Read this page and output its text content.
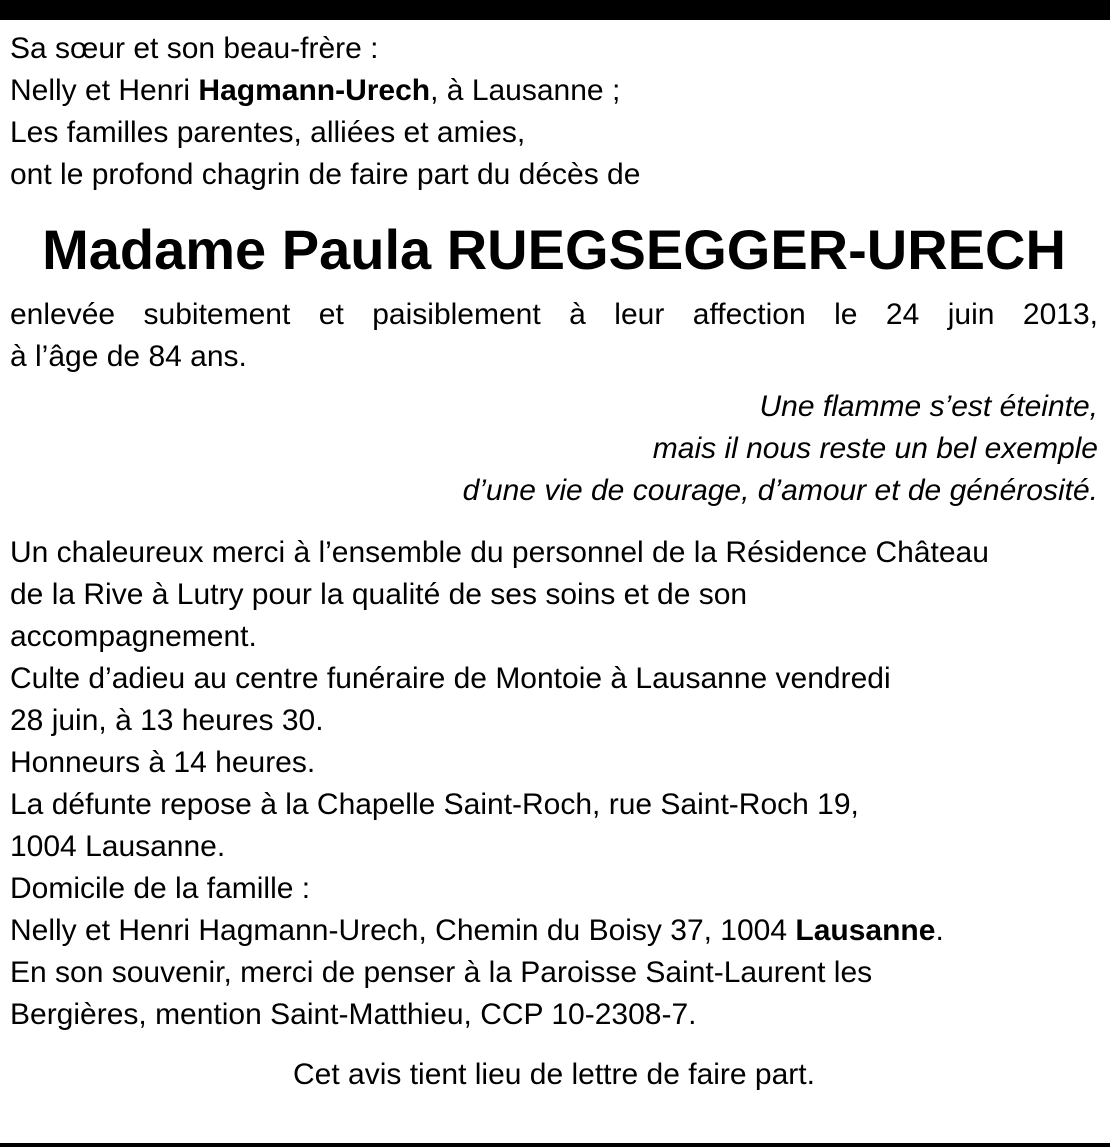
Sa sœur et son beau-frère :

Nelly et Henri Hagmann-Urech, à Lausanne ;

Les familles parentes, alliées et amies,

ont le profond chagrin de faire part du décès de

Madame Paula RUEGSEGGER-URECH

enlevée subitement et paisiblement à leur affection le 24 juin 2013,

à l’âge de 84 ans.

Une flamme s’est éteinte,

mais il nous reste un bel exemple

d’une vie de courage, d’amour et de générosité.

Un chaleureux merci à l’ensemble du personnel de la Résidence Château

de la Rive à Lutry pour la qualité de ses soins et de son

accompagnement.

Culte d’adieu au centre funéraire de Montoie à Lausanne vendredi

28 juin, à 13 heures 30.

Honneurs à 14 heures.

La défunte repose à la Chapelle Saint-Roch, rue Saint-Roch 19,

1004 Lausanne.

Domicile de la famille :

Nelly et Henri Hagmann-Urech, Chemin du Boisy 37, 1004 Lausanne.

En son souvenir, merci de penser à la Paroisse Saint-Laurent les

Bergières, mention Saint-Matthieu, CCP 10-2308-7.

Cet avis tient lieu de lettre de faire part.
